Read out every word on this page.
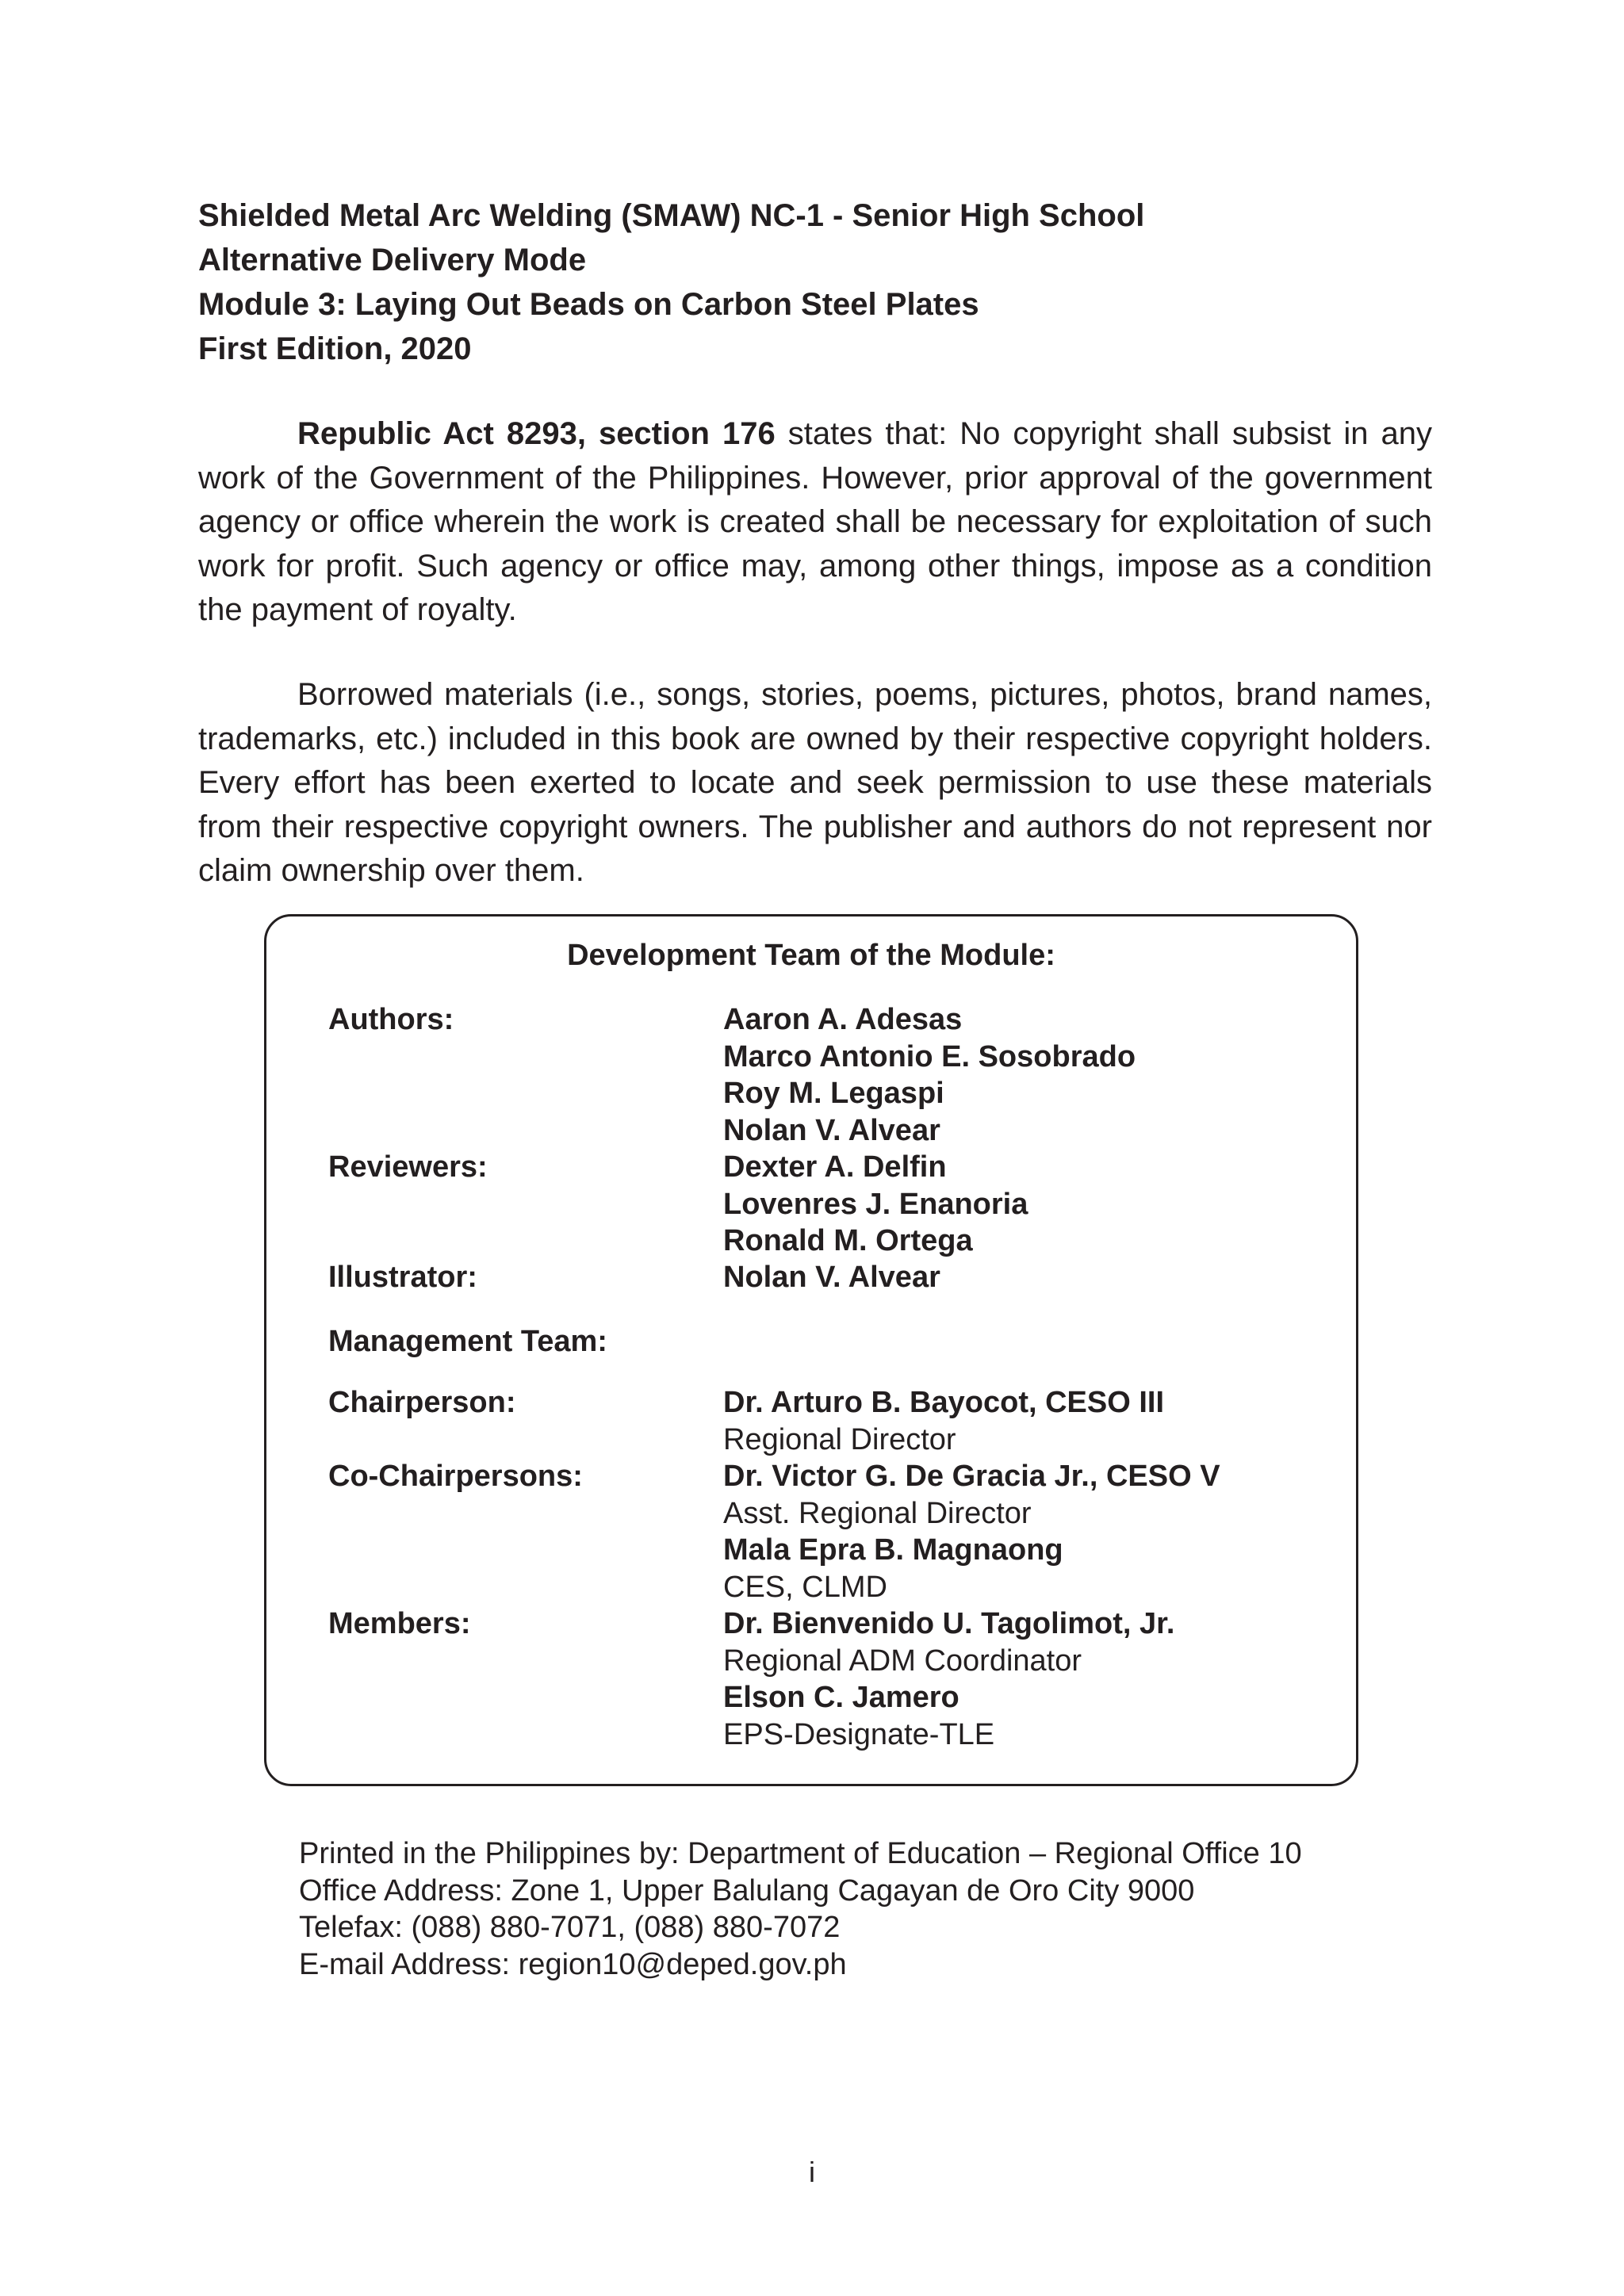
Shielded Metal Arc Welding (SMAW) NC-1 - Senior High School
Alternative Delivery Mode
Module 3: Laying Out Beads on Carbon Steel Plates
First Edition, 2020

Republic Act 8293, section 176 states that: No copyright shall subsist in any work of the Government of the Philippines. However, prior approval of the government agency or office wherein the work is created shall be necessary for exploitation of such work for profit. Such agency or office may, among other things, impose as a condition the payment of royalty.

Borrowed materials (i.e., songs, stories, poems, pictures, photos, brand names, trademarks, etc.) included in this book are owned by their respective copyright holders. Every effort has been exerted to locate and seek permission to use these materials from their respective copyright owners. The publisher and authors do not represent nor claim ownership over them.

Development Team of the Module:
Authors:	Aaron A. Adesas
Marco Antonio E. Sosobrado
Roy M. Legaspi
Nolan V. Alvear
Reviewers:	Dexter A. Delfin
Lovenres J. Enanoria
Ronald M. Ortega
Illustrator:	Nolan V. Alvear
Management Team:
Chairperson:	Dr. Arturo B. Bayocot, CESO III
Regional Director
Co-Chairpersons:	Dr. Victor G. De Gracia Jr., CESO V
Asst. Regional Director
Mala Epra B. Magnaong
CES, CLMD
Members:	Dr. Bienvenido U. Tagolimot, Jr.
Regional ADM Coordinator
Elson C. Jamero
EPS-Designate-TLE
Printed in the Philippines by: Department of Education – Regional Office 10
Office Address: Zone 1, Upper Balulang Cagayan de Oro City 9000
Telefax: (088) 880-7071, (088) 880-7072
E-mail Address: region10@deped.gov.ph
i
